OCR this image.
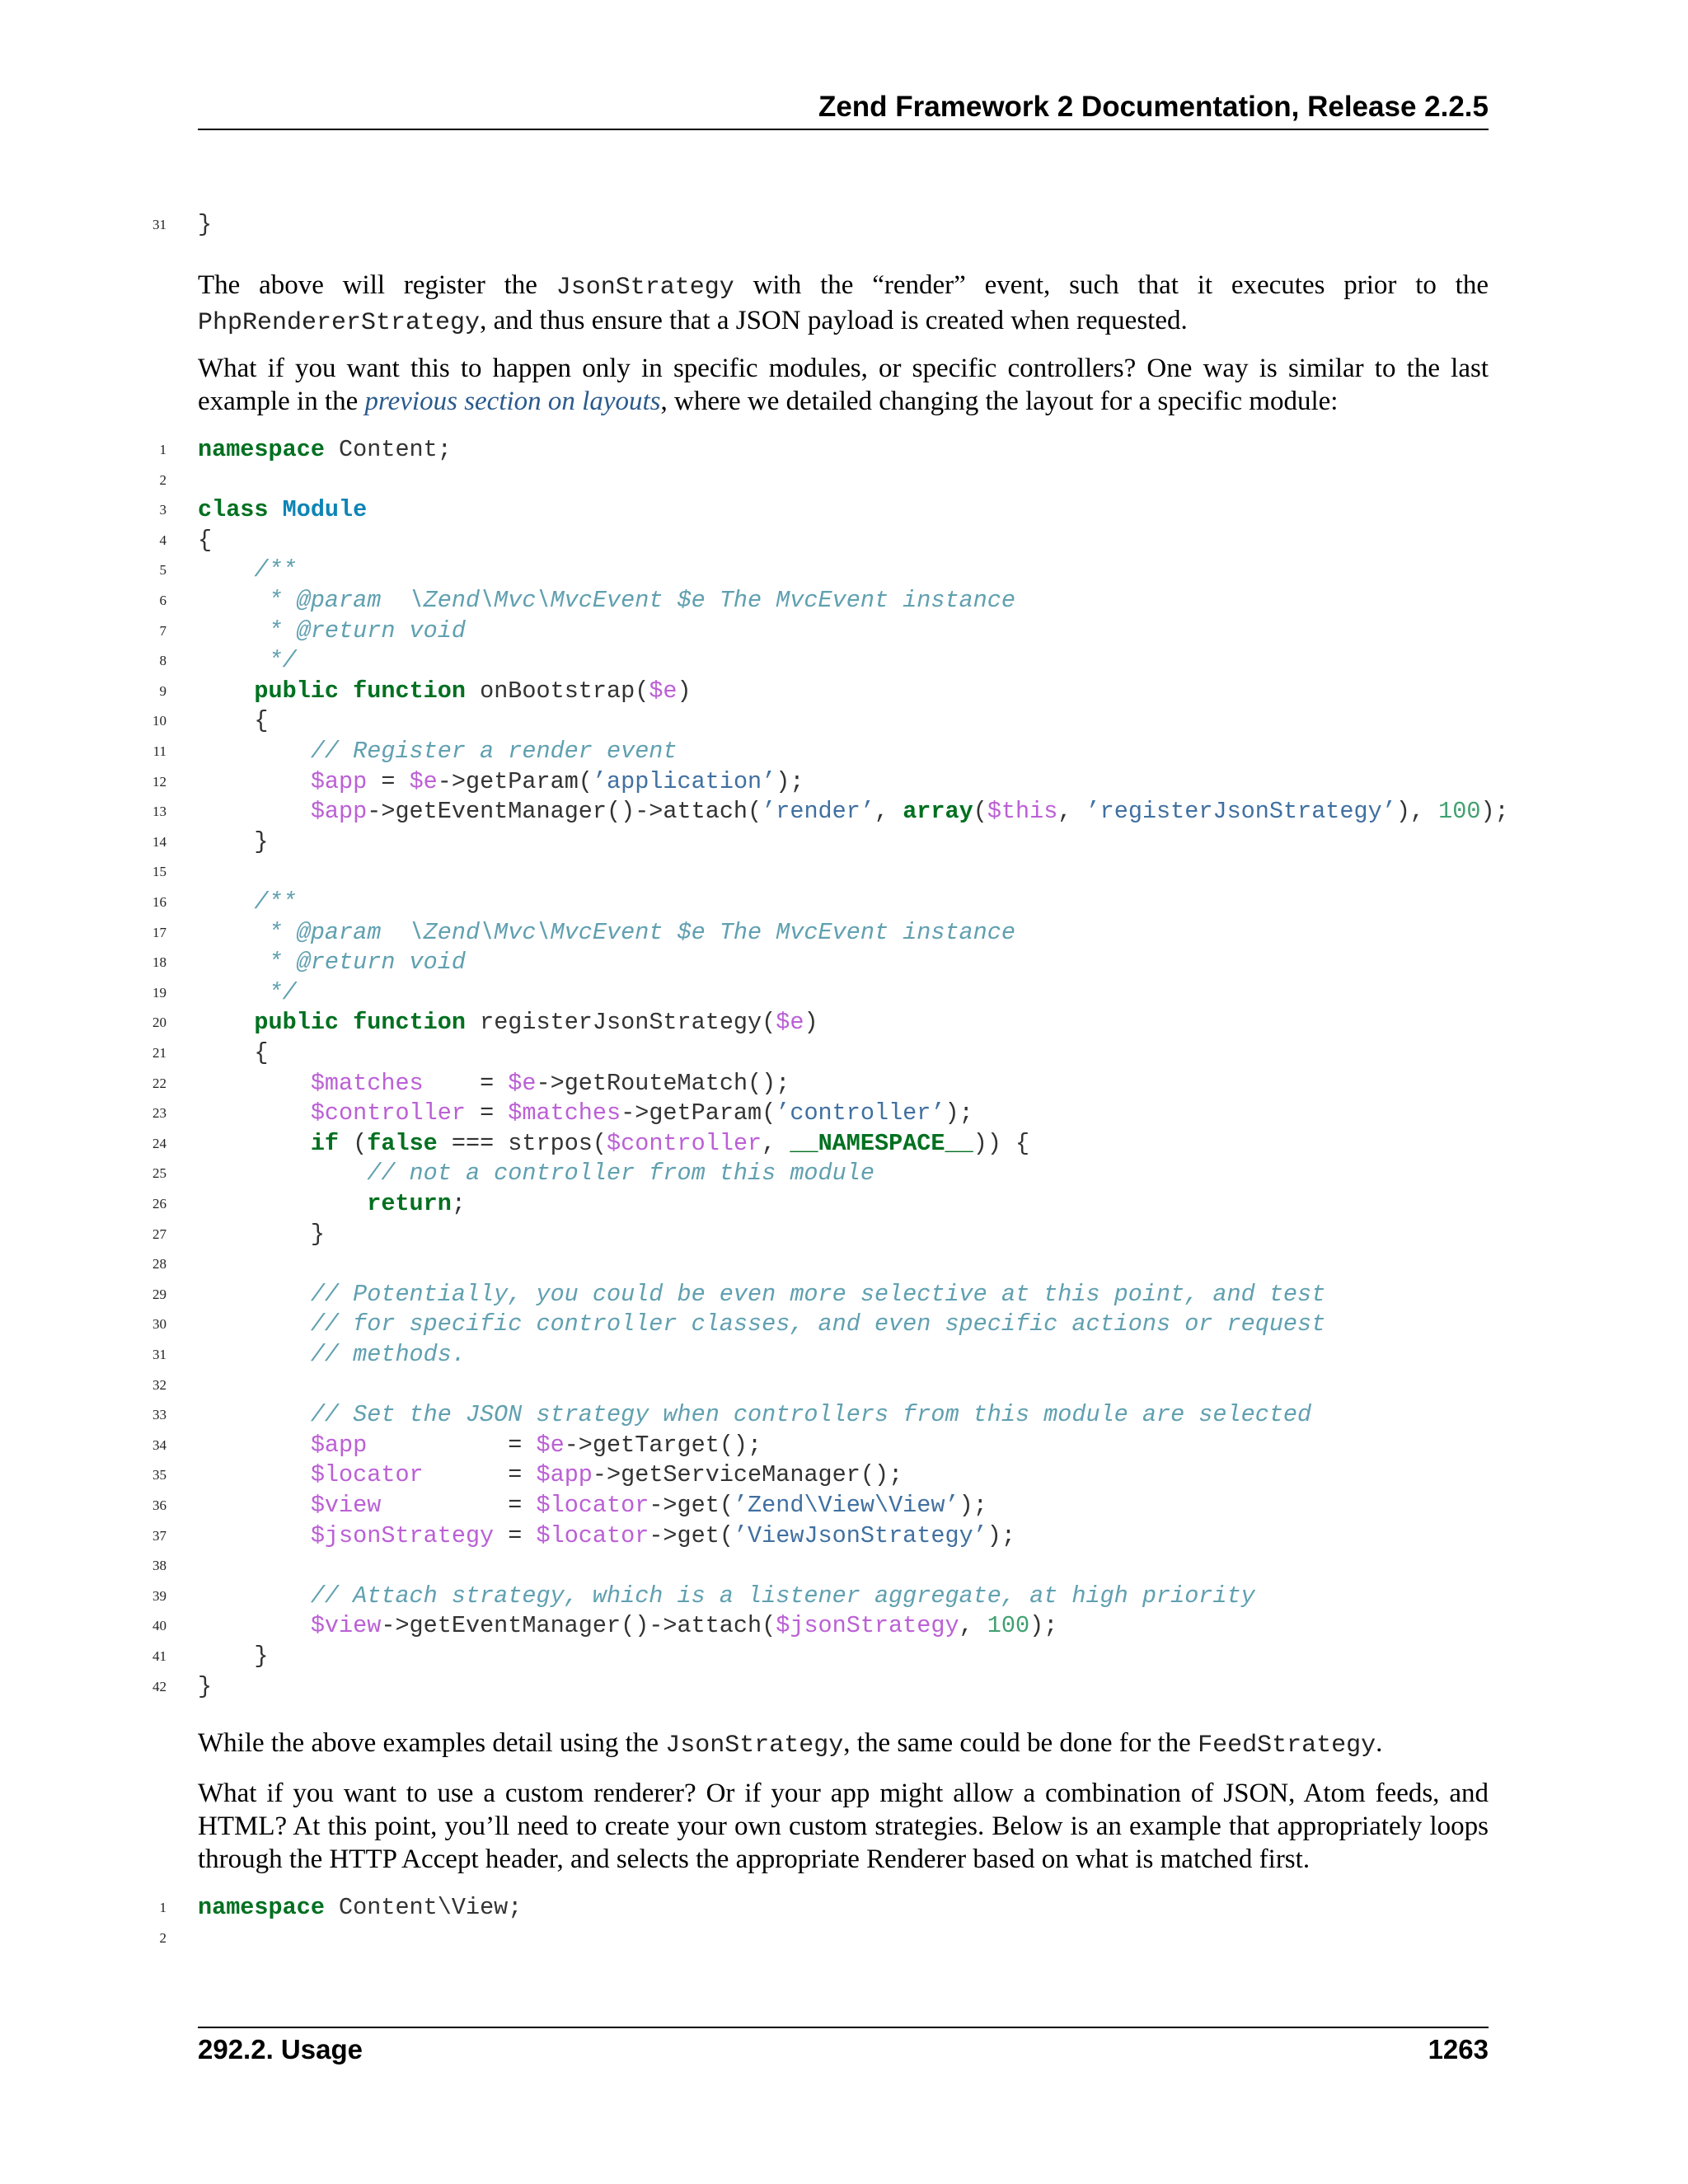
Zend Framework 2 Documentation, Release 2.2.5
31 }

The above will register the JsonStrategy with the “render” event, such that it executes prior to the PhpRendererStrategy, and thus ensure that a JSON payload is created when requested.

What if you want this to happen only in specific modules, or specific controllers? One way is similar to the last example in the previous section on layouts, where we detailed changing the layout for a specific module:

1 namespace Content;
2
3 class Module
4 {
5	/**
6	* @param  \Zend\Mvc\MvcEvent $e The MvcEvent instance
7	* @return void
8	*/
9	public function onBootstrap($e)
10 {
11	// Register a render event
12	$app = $e->getParam(’application’);
13	$app->getEventManager()->attach(’render’, array($this, ’registerJsonStrategy’), 100);
14 }
15
16	/**
17	* @param  \Zend\Mvc\MvcEvent $e The MvcEvent instance
18	* @return void
19	*/
20	public function registerJsonStrategy($e)
21 {
22	$matches    = $e->getRouteMatch();
23	$controller = $matches->getParam(’controller’);
24	if (false === strpos($controller, __NAMESPACE__)) {
25	// not a controller from this module
26	return;
27 }
28
29	// Potentially, you could be even more selective at this point, and test
30	// for specific controller classes, and even specific actions or request
31	// methods.
32
33	// Set the JSON strategy when controllers from this module are selected
34	$app          = $e->getTarget();
35	$locator      = $app->getServiceManager();
36	$view         = $locator->get(’Zend\View\View’);
37	$jsonStrategy = $locator->get(’ViewJsonStrategy’);
38
39	// Attach strategy, which is a listener aggregate, at high priority
40	$view->getEventManager()->attach($jsonStrategy, 100);
41 }
42 }

While the above examples detail using the JsonStrategy, the same could be done for the FeedStrategy.

What if you want to use a custom renderer? Or if your app might allow a combination of JSON, Atom feeds, and HTML? At this point, you’ll need to create your own custom strategies. Below is an example that appropriately loops through the HTTP Accept header, and selects the appropriate Renderer based on what is matched first.

1 namespace Content\View;
2
292.2. Usage	1263
